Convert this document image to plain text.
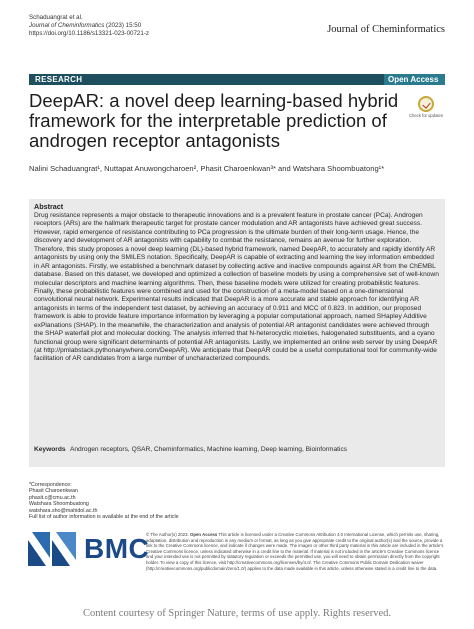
Schaduangrat et al.
Journal of Cheminformatics (2023) 15:50
https://doi.org/10.1186/s13321-023-00721-z	Journal of Cheminformatics
RESEARCH	Open Access
DeepAR: a novel deep learning-based hybrid framework for the interpretable prediction of androgen receptor antagonists
Check for updates
Nalini Schaduangrat¹, Nuttapat Anuwongcharoen², Phasit Charoenkwan³* and Watshara Shoombuatong¹*
Abstract
Drug resistance represents a major obstacle to therapeutic innovations and is a prevalent feature in prostate cancer (PCa). Androgen receptors (ARs) are the hallmark therapeutic target for prostate cancer modulation and AR antagonists have achieved great success. However, rapid emergence of resistance contributing to PCa progression is the ultimate burden of their long-term usage. Hence, the discovery and development of AR antagonists with capability to combat the resistance, remains an avenue for further exploration. Therefore, this study proposes a novel deep learning (DL)-based hybrid framework, named DeepAR, to accurately and rapidly identify AR antagonists by using only the SMILES notation. Specifically, DeepAR is capable of extracting and learning the key information embedded in AR antagonists. Firstly, we established a benchmark dataset by collecting active and inactive compounds against AR from the ChEMBL database. Based on this dataset, we developed and optimized a collection of baseline models by using a comprehensive set of well-known molecular descriptors and machine learning algorithms. Then, these baseline models were utilized for creating probabilistic features. Finally, these probabilistic features were combined and used for the construction of a meta-model based on a one-dimensional convolutional neural network. Experimental results indicated that DeepAR is a more accurate and stable approach for identifying AR antagonists in terms of the independent test dataset, by achieving an accuracy of 0.911 and MCC of 0.823. In addition, our proposed framework is able to provide feature importance information by leveraging a popular computational approach, named SHapley Additive exPlanations (SHAP). In the meanwhile, the characterization and analysis of potential AR antagonist candidates were achieved through the SHAP waterfall plot and molecular docking. The analysis inferred that N-heterocyclic moieties, halogenated substituents, and a cyano functional group were significant determinants of potential AR antagonists. Lastly, we implemented an online web server by using DeepAR (at http://pmlabstack.pythonanywhere.com/DeepAR). We anticipate that DeepAR could be a useful computational tool for community-wide facilitation of AR candidates from a large number of uncharacterized compounds.
Keywords Androgen receptors, QSAR, Cheminformatics, Machine learning, Deep learning, Bioinformatics
*Correspondence:
Phasit Charoenkwan
phasit.c@cmu.ac.th
Watshara Shoombuatong
watshara.sho@mahidol.ac.th
Full list of author information is available at the end of the article
BMC
© The Author(s) 2023. Open Access This article is licensed under a Creative Commons Attribution 4.0 International License, which permits use, sharing, adaptation, distribution and reproduction in any medium or format, as long as you give appropriate credit to the original author(s) and the source, provide a link to the Creative Commons licence, and indicate if changes were made. The images or other third party material in this article are included in the article's Creative Commons licence, unless indicated otherwise in a credit line to the material. If material is not included in the article's Creative Commons licence and your intended use is not permitted by statutory regulation or exceeds the permitted use, you will need to obtain permission directly from the copyright holder. To view a copy of this licence, visit http://creativecommons.org/licenses/by/4.0/. The Creative Commons Public Domain Dedication waiver (http://creativecommons.org/publicdomain/zero/1.0/) applies to the data made available in this article, unless otherwise stated in a credit line to the data.
Content courtesy of Springer Nature, terms of use apply. Rights reserved.
